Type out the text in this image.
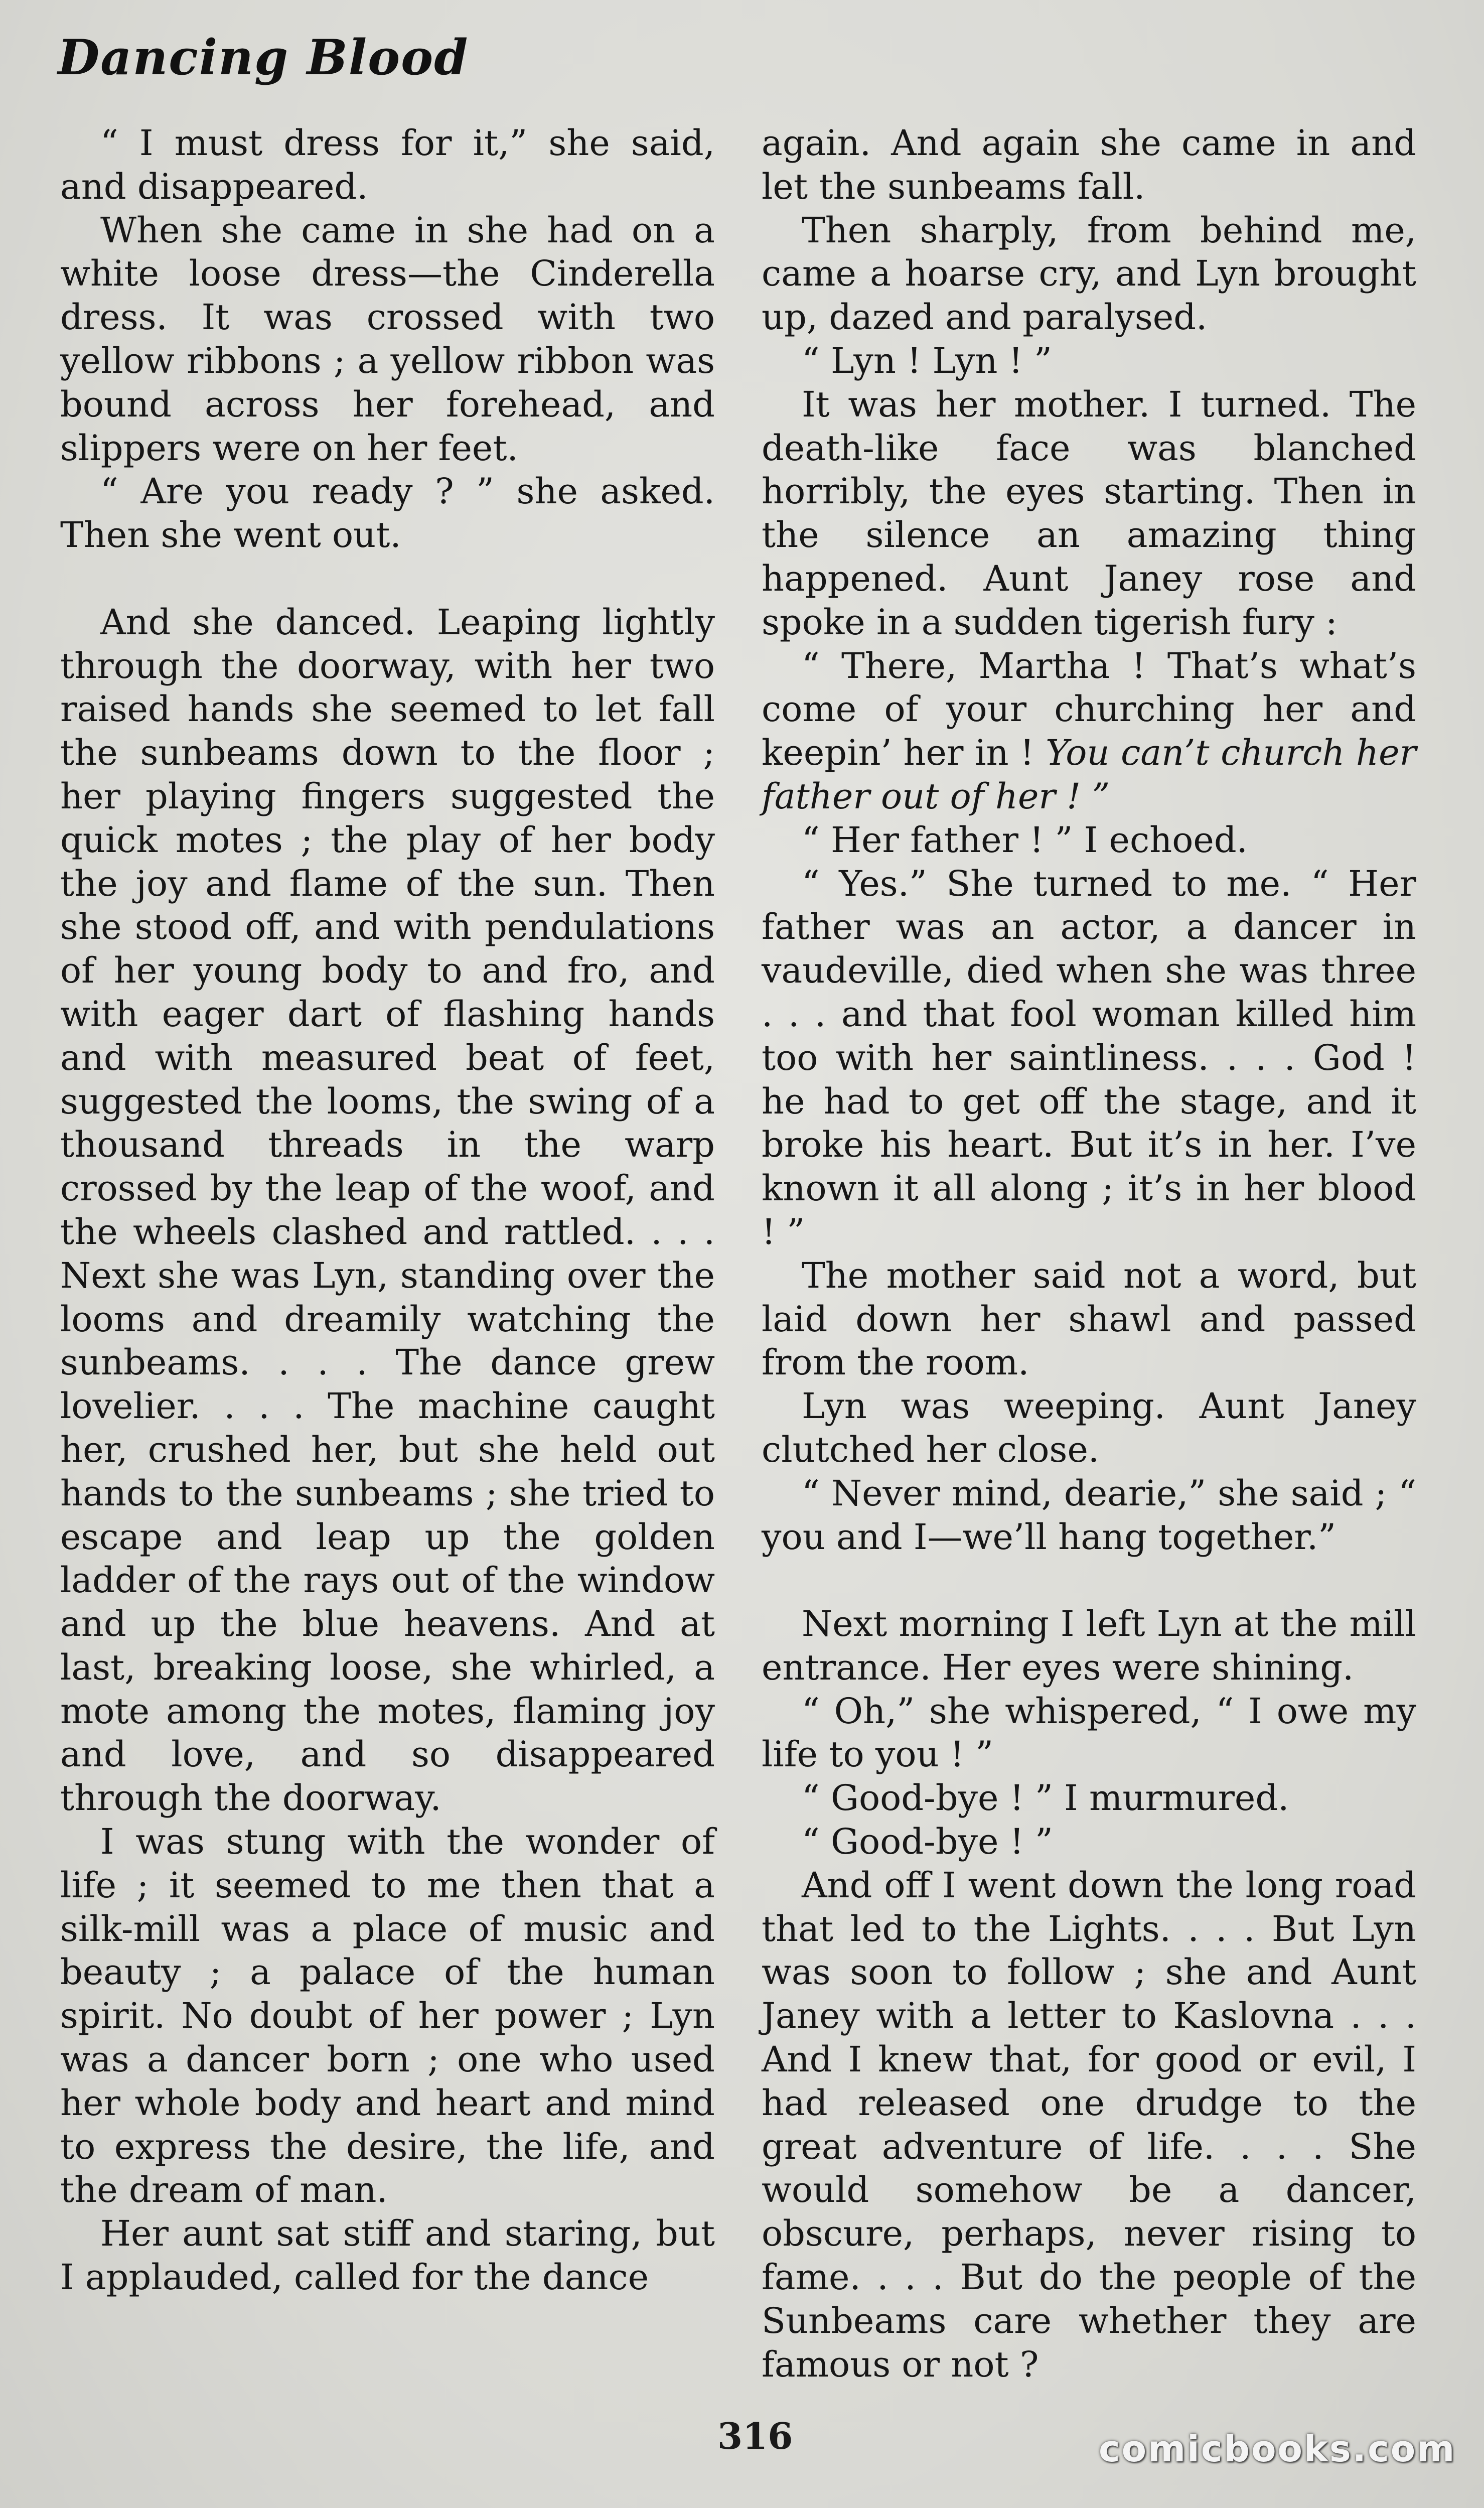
Dancing Blood

“ I must dress for it,” she said, and disappeared.

When she came in she had on a white loose dress—the Cinderella dress. It was crossed with two yellow ribbons ; a yellow ribbon was bound across her forehead, and slippers were on her feet.

“ Are you ready ? ” she asked. Then she went out.

And she danced. Leaping lightly through the doorway, with her two raised hands she seemed to let fall the sunbeams down to the floor ; her playing fingers suggested the quick motes ; the play of her body the joy and flame of the sun. Then she stood off, and with pendulations of her young body to and fro, and with eager dart of flashing hands and with measured beat of feet, suggested the looms, the swing of a thousand threads in the warp crossed by the leap of the woof, and the wheels clashed and rattled. . . . Next she was Lyn, standing over the looms and dreamily watching the sunbeams. . . . The dance grew lovelier. . . . The machine caught her, crushed her, but she held out hands to the sunbeams ; she tried to escape and leap up the golden ladder of the rays out of the window and up the blue heavens. And at last, breaking loose, she whirled, a mote among the motes, flaming joy and love, and so disappeared through the doorway.

I was stung with the wonder of life ; it seemed to me then that a silk-mill was a place of music and beauty ; a palace of the human spirit. No doubt of her power ; Lyn was a dancer born ; one who used her whole body and heart and mind to express the desire, the life, and the dream of man.

Her aunt sat stiff and staring, but I applauded, called for the dance

again. And again she came in and let the sunbeams fall.

Then sharply, from behind me, came a hoarse cry, and Lyn brought up, dazed and paralysed.

“ Lyn ! Lyn ! ”

It was her mother. I turned. The death-like face was blanched horribly, the eyes starting. Then in the silence an amazing thing happened. Aunt Janey rose and spoke in a sudden tigerish fury :

“ There, Martha ! That’s what’s come of your churching her and keepin’ her in ! You can’t church her father out of her ! ”

“ Her father ! ” I echoed.

“ Yes.” She turned to me. “ Her father was an actor, a dancer in vaudeville, died when she was three . . . and that fool woman killed him too with her saintliness. . . . God ! he had to get off the stage, and it broke his heart. But it’s in her. I’ve known it all along ; it’s in her blood ! ”

The mother said not a word, but laid down her shawl and passed from the room.

Lyn was weeping. Aunt Janey clutched her close.

“ Never mind, dearie,” she said ; “ you and I—we’ll hang together.”

Next morning I left Lyn at the mill entrance. Her eyes were shining.

“ Oh,” she whispered, “ I owe my life to you ! ”

“ Good-bye ! ” I murmured.

“ Good-bye ! ”

And off I went down the long road that led to the Lights. . . . But Lyn was soon to follow ; she and Aunt Janey with a letter to Kaslovna . . . And I knew that, for good or evil, I had released one drudge to the great adventure of life. . . . She would somehow be a dancer, obscure, perhaps, never rising to fame. . . . But do the people of the Sunbeams care whether they are famous or not ?

316	comicbooks.com
